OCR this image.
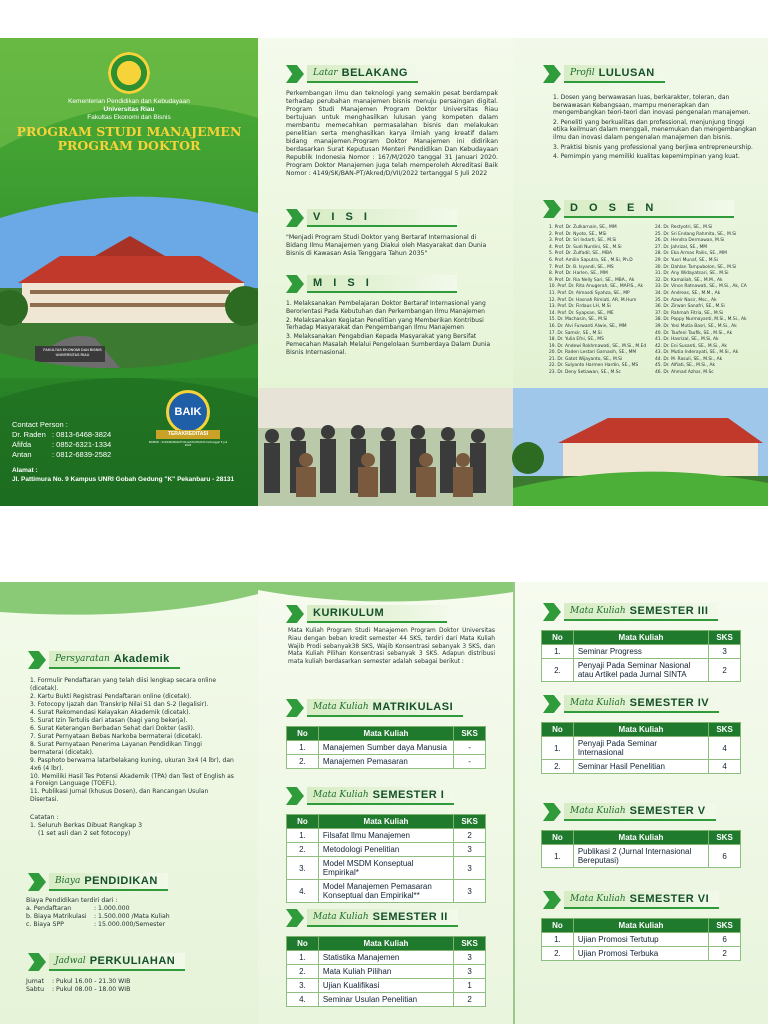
Kementerian Pendidikan dan Kebudayaan
Universitas Riau
Fakultas Ekonomi dan Bisnis
PROGRAM STUDI MANAJEMEN
PROGRAM DOKTOR
FAKULTAS EKONOMI DAN BISNIS
UNIVERSITAS RIAU
Contact Person :
Dr. Raden : 0813-6468-3824
Afifda	: 0852-6321-1334
Antan	: 0812-6839-2582
BAIK
TERAKREDITASI
NOMOR : 4149/SK/BAN-PT/Akred/D/VII/2022 tertanggal 5 Juli 2022
Alamat :
Jl. Pattimura No. 9 Kampus UNRI Gobah Gedung "K" Pekanbaru - 28131
Latar BELAKANG
Perkembangan ilmu dan teknologi yang semakin pesat berdampak terhadap perubahan manajemen bisnis menuju persaingan digital. Program Studi Manajemen Program Doktor Universitas Riau bertujuan untuk menghasilkan lulusan yang kompeten dalam membantu memecahkan permasalahan bisnis dan melakukan penelitian serta menghasilkan karya ilmiah yang kreatif dalam bidang manajemen.Program Doktor Manajemen ini didirikan berdasarkan Surat Keputusan Menteri Pendidikan Dan Kebudayaan Republik Indonesia Nomor : 167/M/2020 tanggal 31 Januari 2020. Program Doktor Manajemen juga telah memperoleh Akreditasi Baik Nomor : 4149/SK/BAN-PT/Akred/D/VII/2022 tertanggal 5 Juli 2022
V I S I
"Menjadi Program Studi Doktor yang Bertaraf Internasional di Bidang Ilmu Manajemen yang Diakui oleh Masyarakat dan Dunia Bisnis di Kawasan Asia Tenggara Tahun 2035"
M I S I
1. Melaksanakan Pembelajaran Doktor Bertaraf Internasional yang Berorientasi Pada Kebutuhan dan Perkembangan Ilmu Manajemen
2. Melaksanakan Kegiatan Penelitian yang Memberikan Kontribusi Terhadap Masyarakat dan Pengembangan Ilmu Manajemen
3. Melaksanakan Pengabdian Kepada Masyarakat yang Bersifat Pemecahan Masalah Melalui Pengelolaan Sumberdaya Dalam Dunia Bisnis Internasional.
Profil LULUSAN
1. Dosen yang berwawasan luas, berkarakter, toleran, dan berwawasan Kebangsaan, mampu menerapkan dan mengembangkan teori-teori dan inovasi pengenalan manajemen.
2. Peneliti yang berkualitas dan professional, menjunjung tinggi etika keilmuan dalam menggali, menemukan dan mengembangkan ilmu dan inovasi dalam pengenalan manajemen dan bisnis.
3. Praktisi bisnis yang professional yang berjiwa entrepreneurship.
4. Pemimpin yang memiliki kualitas kepemimpinan yang kuat.
D O S E N
1. Prof. Dr. Zulkarnain, SE., MM
2. Prof. Dr. Nyoto, SE., MSi
3. Prof. Dr. Sri Indarti, SE., M.Si
4. Prof. Dr. Sudi Nurdini, SE., M.Si
5. Prof. Dr. Zulfadil, SE., MBA
6. Prof. Amilin Saputra, SE., M.Si, Ph.D
7. Prof. Dr. B. Isyandi, SE., MS
8. Prof. Dr. Harlen, SE., MM
9. Prof. Dr. Ria Nelly Sari, SE., MBA., Ak
10. Prof. Dr. Rita Anugerah, SE., MAFIS., Ak
11. Prof. Dr. Almasdi Syahza, SE., MP
12. Prof. Dr. Hasnah Rimiati, AR, M.Hum
13. Prof. Dr. Firdaus LH, M.Si
14. Prof. Dr. Syapsan, SE., ME
15. Dr. Machasin, SE., M.Si
16. Dr. Alvi Furwanti Alwie, SE., MM
17. Dr. Samsir, SE., M.Si
18. Dr. Yulia Efni, SE., MS
19. Dr. Andewi Rokhmawati, SE., M.Si., M.Ed
20. Dr. Raden Lestari Garnasih, SE., MM
21. Dr. Gatot Wijayanto, SE., M.Si
22. Dr. Sulyanto Harmen Hardin, SE., MS
23. Dr. Deny Setiawan, SE., M.Sc
24. Dr. Restyotri, SE., M.Si
25. Dr. Sri Endang Rahmita, SE., M.Si
26. Dr. Hendra Dermawan, M.Si
27. Dr. Jahrizal, SE., MM
28. Dr. Eka Armas Pailis, SE., MM
29. Dr. Yusri Munaf, SE., M.Si
30. Dr. Dahlan Tampubolon, SE., M.Si
31. Dr. Any Widayatsari, SE., M.Si
32. Dr. Kamaliah, SE., M.M., Ak
33. Dr. Vince Ratnawati, SE., M.Si., Ak, CA
34. Dr. Andreas, SE., M.M., Ak
35. Dr. Azwir Nasir, Msc., Ak
36. Dr. Zirwan Sanafri, SE., M.Si
37. Dr. Rahmah Fitria, SE., M.Si
38. Dr. Poppy Nurmayanti, M.Si., M.Si., Ak
39. Dr. Yesi Mutia Basri, SE., M.Si., Ak
40. Dr. Taufeni Taufik, SE., M.Si., Ak
41. Dr. Hasrizal, SE., M.Si, Ak
42. Dr. Eni Susanti, SE., M.Si., Ak
43. Dr. Mutia Inderayati, SE., M.Si., Ak
44. Dr. M. Rasuli, SE., M.Si., Ak
45. Dr. Alfiati, SE., M.Si., Ak
46. Dr. Ahmad Azhar, M.Sc
Persyaratan Akademik
1. Formulir Pendaftaran yang telah diisi lengkap secara online (dicetak).
2. Kartu Bukti Registrasi Pendaftaran online (dicetak).
3. Fotocopy Ijazah dan Transkrip Nilai S1 dan S-2 (legalisir).
4. Surat Rekomendasi Kelayakan Akademik (dicetak).
5. Surat Izin Tertulis dari atasan (bagi yang bekerja).
6. Surat Keterangan Berbadan Sehat dari Dokter (asli).
7. Surat Pernyataan Bebas Narkoba bermaterai (dicetak).
8. Surat Pernyataan Penerima Layanan Pendidikan Tinggi bermaterai (dicetak).
9. Pasphoto berwarna latarbelakang kuning, ukuran 3x4 (4 lbr), dan 4x6 (4 lbr).
10. Memiliki Hasil Tes Potensi Akademik (TPA) dan Test of English as a Foreign Language (TOEFL).
11. Publikasi Jurnal (khusus Dosen), dan Rancangan Usulan Disertasi.
Catatan :
1. Seluruh Berkas Dibuat Rangkap 3
(1 set asli dan 2 set fotocopy)
Biaya PENDIDIKAN
Biaya Pendidikan terdiri dari :
a. Pendaftaran	: 1.000.000
b. Biaya Matrikulasi	: 1.500.000 /Mata Kuliah
c. Biaya SPP	: 15.000.000/Semester
Jadwal PERKULIAHAN
Jumat	: Pukul 16.00 - 21.30 WIB
Sabtu	: Pukul 08.00 - 18.00 WIB
KURIKULUM
Mata Kuliah Program Studi Manajemen Program Doktor Universitas Riau dengan beban kredit semester 44 SKS, terdiri dari Mata Kuliah Wajib Prodi sebanyak38 SKS, Wajib Konsentrasi sebanyak 3 SKS, dan Mata Kuliah Pilihan Konsentrasi sebanyak 3 SKS. Adapun distribusi mata kuliah berdasarkan semester adalah sebagai berikut :
Mata Kuliah MATRIKULASI
No	Mata Kuliah	SKS
1.	Manajemen Sumber daya Manusia	-
2.	Manajemen Pemasaran	-
Mata Kuliah SEMESTER I
No	Mata Kuliah	SKS
1.	Filsafat Ilmu Manajemen	2
2.	Metodologi Penelitian	3
3.	Model MSDM Konseptual Empirikal*	3
4.	Model Manajemen Pemasaran Konseptual dan Empirikal**	3
Mata Kuliah SEMESTER II
No	Mata Kuliah	SKS
1.	Statistika Manajemen	3
2.	Mata Kuliah Pilihan	3
3.	Ujian Kualifikasi	1
4.	Seminar Usulan Penelitian	2
Mata Kuliah SEMESTER III
No	Mata Kuliah	SKS
1.	Seminar Progress	3
2.	Penyaji Pada Seminar Nasional atau Artikel pada Jurnal SINTA	2
Mata Kuliah SEMESTER IV
No	Mata Kuliah	SKS
1.	Penyaji Pada Seminar Internasional	4
2.	Seminar Hasil Penelitian	4
Mata Kuliah SEMESTER V
No	Mata Kuliah	SKS
1.	Publikasi 2 (Jurnal Internasional Bereputasi)	6
Mata Kuliah SEMESTER VI
No	Mata Kuliah	SKS
1.	Ujian Promosi Tertutup	6
2.	Ujian Promosi Terbuka	2
